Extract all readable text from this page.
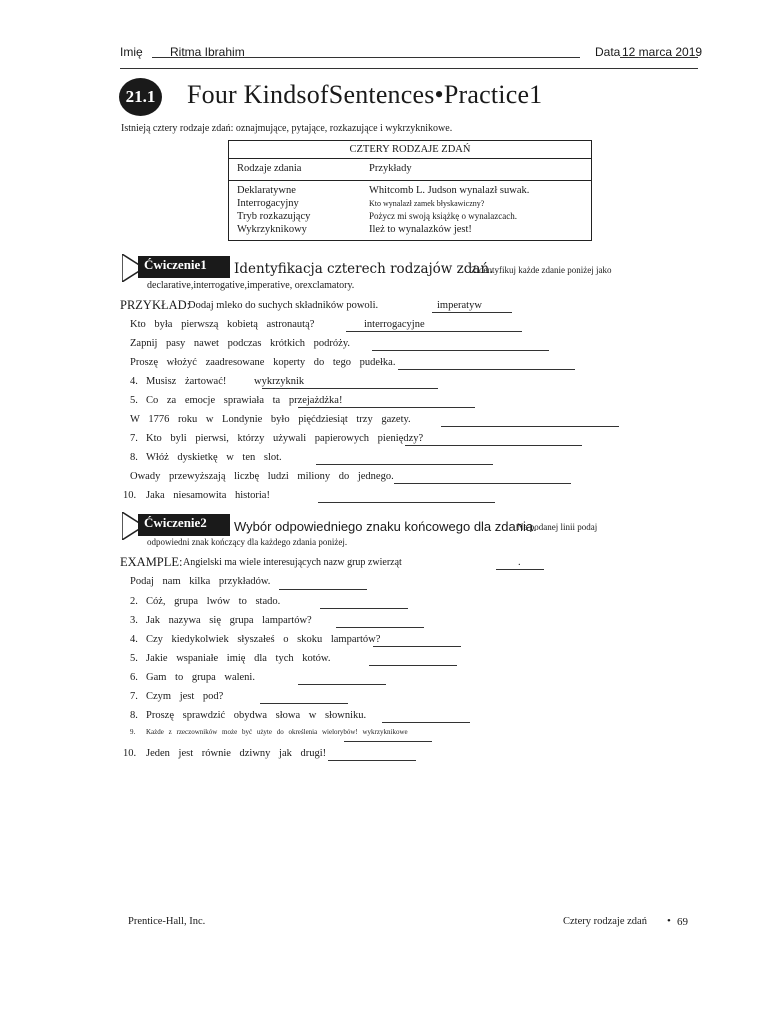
Imię Ritma Ibrahim	Data 12 marca 2019
21.1 Four KindsofSentences•Practice1
Istnieją cztery rodzaje zdań: oznajmujące, pytające, rozkazujące i wykrzyknikowe.
CZTERY RODZAJE ZDAŃ	
Rodzaje zdania	Przykłady
Deklaratywne	Whitcomb L. Judson wynalazł suwak.
Interrogacyjny	Kto wynalazł zamek błyskawiczny?
Tryb rozkazujący	Pożycz mi swoją książkę o wynalazcach.
Wykrzyknikowy	Ileż to wynalazków jest!
Ćwiczenie1 Identyfikacja czterech rodzajów zdań.
Zidentyfikuj każde zdanie poniżej jako
declarative,interrogative,imperative, orexclamatory.
PRZYKŁAD:
Dodaj mleko do suchych składników powoli.	imperatyw
Kto była pierwszą kobietą astronautą?	interrogacyjne
Zapnij pasy nawet podczas krótkich podróży.
Proszę włożyć zaadresowane koperty do tego pudełka.
4. Musisz żartować!	wykrzyknik
5. Co za emocje sprawiała ta przejażdżka!
W 1776 roku w Londynie było pięćdziesiąt trzy gazety.
7. Kto byli pierwsi, którzy używali papierowych pieniędzy?
8. Włóż dyskietkę w ten slot.
Owady przewyższają liczbę ludzi miliony do jednego.
10. Jaka niesamowita historia!
Ćwiczenie2 Wybór odpowiedniego znaku końcowego dla zdania.
Na podanej linii podaj
odpowiedni znak kończący dla każdego zdania poniżej.
EXAMPLE: Angielski ma wiele interesujących nazw grup zwierząt	.
Podaj nam kilka przykładów.
2. Cóż, grupa lwów to stado.
3. Jak nazywa się grupa lampartów?
4. Czy kiedykolwiek słyszałeś o skoku lampartów?
5. Jakie wspaniałe imię dla tych kotów.
6. Gam to grupa waleni.
7. Czym jest pod?
8. Proszę sprawdzić obydwa słowa w słowniku.
9. Każde z rzeczowników może być użyte do określenia wielorybów! wykrzyknikowe
10. Jeden jest równie dziwny jak drugi!
Prentice-Hall, Inc.	Cztery rodzaje zdań • 69
